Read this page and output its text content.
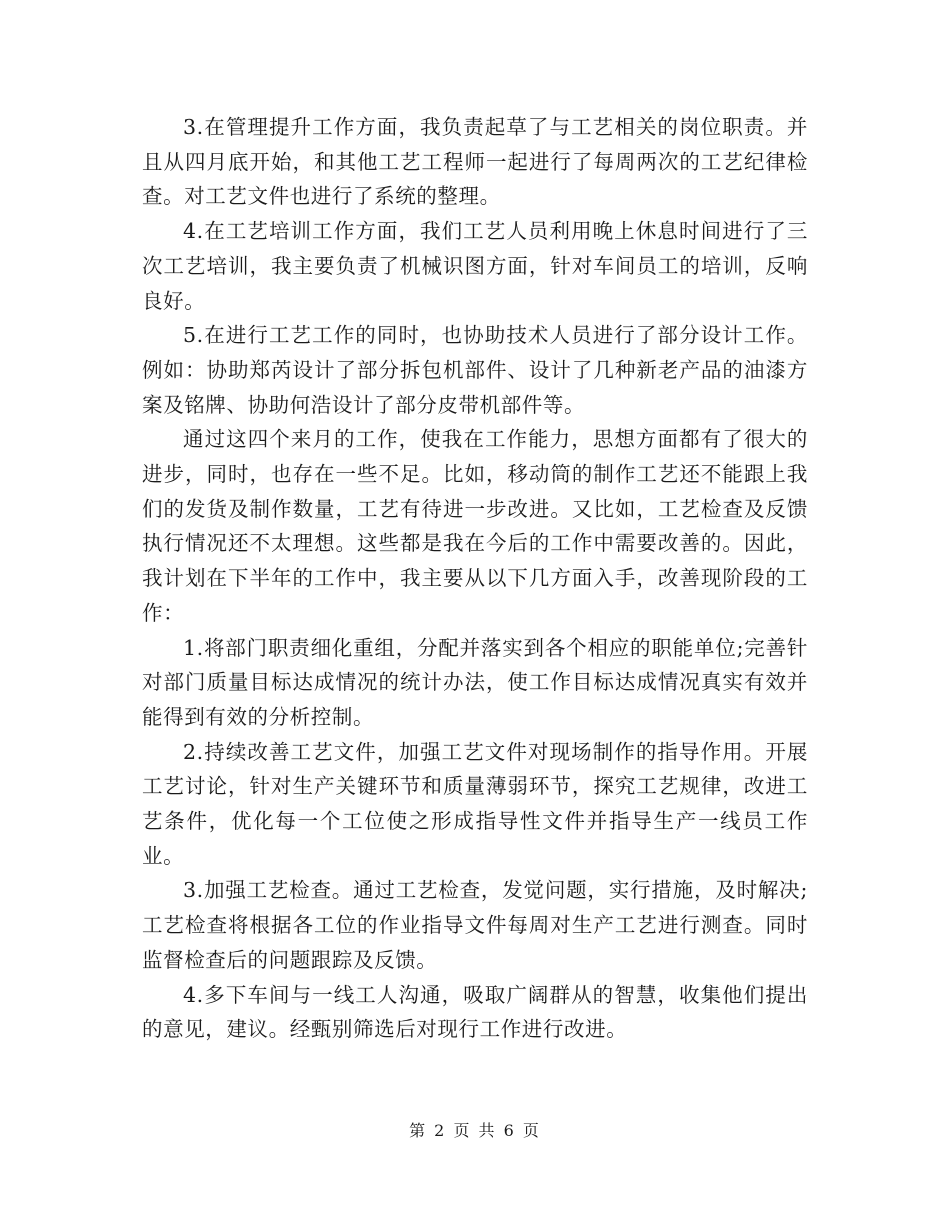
3.在管理提升工作方面，我负责起草了与工艺相关的岗位职责。并且从四月底开始，和其他工艺工程师一起进行了每周两次的工艺纪律检查。对工艺文件也进行了系统的整理。

4.在工艺培训工作方面，我们工艺人员利用晚上休息时间进行了三次工艺培训，我主要负责了机械识图方面，针对车间员工的培训，反响良好。

5.在进行工艺工作的同时，也协助技术人员进行了部分设计工作。例如：协助郑芮设计了部分拆包机部件、设计了几种新老产品的油漆方案及铭牌、协助何浩设计了部分皮带机部件等。

通过这四个来月的工作，使我在工作能力，思想方面都有了很大的进步，同时，也存在一些不足。比如，移动筒的制作工艺还不能跟上我们的发货及制作数量，工艺有待进一步改进。又比如，工艺检查及反馈执行情况还不太理想。这些都是我在今后的工作中需要改善的。因此，我计划在下半年的工作中，我主要从以下几方面入手，改善现阶段的工作：

1.将部门职责细化重组，分配并落实到各个相应的职能单位;完善针对部门质量目标达成情况的统计办法，使工作目标达成情况真实有效并能得到有效的分析控制。

2.持续改善工艺文件，加强工艺文件对现场制作的指导作用。开展工艺讨论，针对生产关键环节和质量薄弱环节，探究工艺规律，改进工艺条件，优化每一个工位使之形成指导性文件并指导生产一线员工作业。

3.加强工艺检查。通过工艺检查，发觉问题，实行措施，及时解决;工艺检查将根据各工位的作业指导文件每周对生产工艺进行测查。同时监督检查后的问题跟踪及反馈。

4.多下车间与一线工人沟通，吸取广阔群从的智慧，收集他们提出的意见，建议。经甄别筛选后对现行工作进行改进。

第 2 页 共 6 页
